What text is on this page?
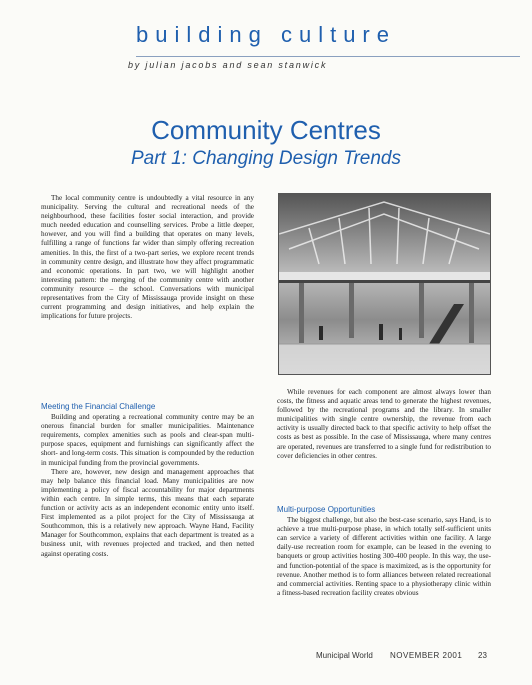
building culture
by julian jacobs and sean stanwick
Community Centres
Part 1: Changing Design Trends

The local community centre is undoubtedly a vital resource in any municipality. Serving the cultural and recreational needs of the neighbourhood, these facilities foster social interaction, and provide much needed education and counselling services. Probe a little deeper, however, and you will find a building that operates on many levels, fulfilling a range of functions far wider than simply offering recreation amenities. In this, the first of a two-part series, we explore recent trends in community centre design, and illustrate how they affect programmatic and economic operations. In part two, we will highlight another interesting pattern: the merging of the community centre with another community resource – the school. Conversations with municipal representatives from the City of Mississauga provide insight on these current programming and design initiatives, and help explain the implications for future projects.

Meeting the Financial Challenge

Building and operating a recreational community centre may be an onerous financial burden for smaller municipalities. Maintenance requirements, complex amenities such as pools and clear-span multi-purpose spaces, equipment and furnishings can significantly affect the short- and long-term costs. This situation is compounded by the reduction in municipal funding from the provincial governments.

There are, however, new design and management approaches that may help balance this financial load. Many municipalities are now implementing a policy of fiscal accountability for major departments within each centre. In simple terms, this means that each separate function or activity acts as an independent economic entity unto itself. First implemented as a pilot project for the City of Mississauga at Southcommon, this is a relatively new approach. Wayne Hand, Facility Manager for Southcommon, explains that each department is treated as a business unit, with revenues projected and tracked, and then netted against operating costs.

While revenues for each component are almost always lower than costs, the fitness and aquatic areas tend to generate the highest revenues, followed by the recreational programs and the library. In smaller municipalities with single centre ownership, the revenue from each activity is usually directed back to that specific activity to help offset the costs as best as possible. In the case of Mississauga, where many centres are operated, revenues are transferred to a single fund for redistribution to cover deficiencies in other centres.

Multi-purpose Opportunities

The biggest challenge, but also the best-case scenario, says Hand, is to achieve a true multi-purpose phase, in which totally self-sufficient units can service a variety of different activities within one facility. A large daily-use recreation room for example, can be leased in the evening to banquets or group activities hosting 300-400 people. In this way, the use- and function-potential of the space is maximized, as is the opportunity for revenue. Another method is to form alliances between related recreational and commercial activities. Renting space to a physiotherapy clinic within a fitness-based recreation facility creates obvious

Municipal World NOVEMBER 2001 23
